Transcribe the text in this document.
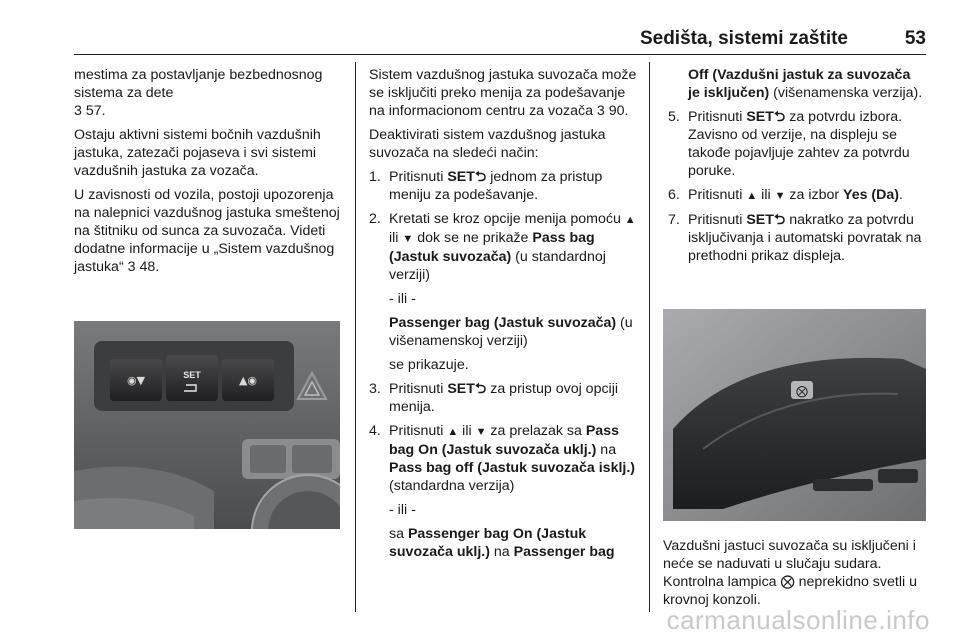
Sedišta, sistemi zaštite	53

mestima za postavljanje bezbednosnog sistema za dete
3 57.

Ostaju aktivni sistemi bočnih vazdušnih jastuka, zatezači pojaseva i svi sistemi vazdušnih jastuka za vozača.

U zavisnosti od vozila, postoji upozorenja na nalepnici vazdušnog jastuka smeštenoj na štitniku od sunca za suvozača. Videti dodatne informacije u „Sistem vazdušnog jastuka“ 3 48.

◉▼	SET	▲◉

Sistem vazdušnog jastuka suvozača može se isključiti preko menija za podešavanje na informacionom centru za vozača 3 90.

Deaktivirati sistem vazdušnog jastuka suvozača na sledeći način:

1. Pritisnuti SET⮌ jednom za pristup meniju za podešavanje.
2. Kretati se kroz opcije menija pomoću ▲ ili ▼ dok se ne prikaže Pass bag (Jastuk suvozača) (u standardnoj verziji)
- ili -
Passenger bag (Jastuk suvozača) (u višenamenskoj verziji)
se prikazuje.
3. Pritisnuti SET⮌ za pristup ovoj opciji menija.
4. Pritisnuti ▲ ili ▼ za prelazak sa Pass bag On (Jastuk suvozača uklj.) na Pass bag off (Jastuk suvozača isklj.) (standardna verzija)
- ili -
sa Passenger bag On (Jastuk suvozača uklj.) na Passenger bag

Off (Vazdušni jastuk za suvozača je isključen) (višenamenska verzija).

5. Pritisnuti SET⮌ za potvrdu izbora. Zavisno od verzije, na displeju se takođe pojavljuje zahtev za potvrdu poruke.
6. Pritisnuti ▲ ili ▼ za izbor Yes (Da).
7. Pritisnuti SET⮌ nakratko za potvrdu isključivanja i automatski povratak na prethodni prikaz displeja.
⨂

Vazdušni jastuci suvozača su isključeni i neće se naduvati u slučaju sudara. Kontrolna lampica ⨂ neprekidno svetli u krovnoj konzoli.

carmanualsonline.info
